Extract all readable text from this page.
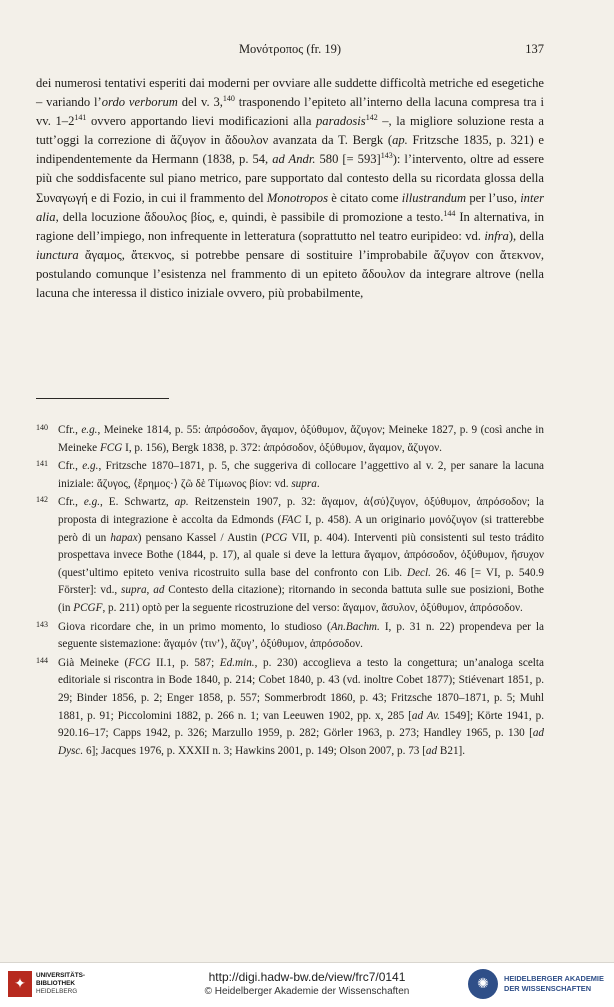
Μονότροπος (fr. 19)	137

dei numerosi tentativi esperiti dai moderni per ovviare alle suddette difficoltà metriche ed esegetiche – variando l’ordo verborum del v. 3,$^{140}$ trasponendo l’epiteto all’interno della lacuna compresa tra i vv. $1-2^{141}$ ovvero apportando lievi modificazioni alla paradosis$^{142}$ –, la migliore soluzione resta a tutt’oggi la correzione di ἄζυγον in ἄδουλον avanzata da T. Bergk (ap. Fritzsche 1835, p. 321) e indipendentemente da Hermann (1838, p. 54, ad Andr. 580 [= 593]$^{143}$): l’intervento, oltre ad essere più che soddisfacente sul piano metrico, pare supportato dal contesto della su ricordata glossa della Συναγωγή e di Fozio, in cui il frammento del Monotropos è citato come illustrandum per l’uso, inter alia, della locuzione ἄδουλος βίος, e, quindi, è passibile di promozione a testo.$^{144}$ In alternativa, in ragione dell’impiego, non infrequente in letteratura (soprattutto nel teatro euripideo: vd. infra), della iunctura ἄγαμος, ἄτεκνος, si potrebbe pensare di sostituire l’improbabile ἄζυγον con ἄτεκνον, postulando comunque l’esistenza nel frammento di un epiteto ἄδουλον da integrare altrove (nella lacuna che interessa il distico iniziale ovvero, più probabilmente,

140 Cfr., e.g., Meineke 1814, p. 55: ἀπρόσοδον, ἄγαμον, ὀξύθυμον, ἄζυγον; Meineke 1827, p. 9 (così anche in Meineke FCG I, p. 156), Bergk 1838, p. 372: ἀπρόσοδον, ὀξύθυμον, ἄγαμον, ἄζυγον.

141 Cfr., e.g., Fritzsche 1870–1871, p. 5, che suggeriva di collocare l’aggettivo al v. 2, per sanare la lacuna iniziale: ἄζυγος, ⟨ἔρημος·⟩ ζῶ δὲ Τίμωνος βίον: vd. supra.

142 Cfr., e.g., E. Schwartz, ap. Reitzenstein 1907, p. 32: ἄγαμον, ἀ⟨σύ⟩ζυγον, ὀξύθυμον, ἀπρόσοδον; la proposta di integrazione è accolta da Edmonds (FAC I, p. 458). A un originario μονόζυγον (si tratterebbe però di un hapax) pensano Kassel / Austin (PCG VII, p. 404). Interventi più consistenti sul testo trádito prospettava invece Bothe (1844, p. 17), al quale si deve la lettura ἄγαμον, ἀπρόσοδον, ὀξύθυμον, ἥσυχον (quest’ultimo epiteto veniva ricostruito sulla base del confronto con Lib. Decl. 26. 46 [= VI, p. 540.9 Förster]: vd., supra, ad Contesto della citazione); ritornando in seconda battuta sulle sue posizioni, Bothe (in PCGF, p. 211) optò per la seguente ricostruzione del verso: ἄγαμον, ἄσυλον, ὀξύθυμον, ἀπρόσοδον.

143 Giova ricordare che, in un primo momento, lo studioso (An.Bachm. I, p. 31 n. 22) propendeva per la seguente sistemazione: ἄγαμόν ⟨τιν’⟩, ἄζυγ’, ὀξύθυμον, ἀπρόσοδον.

144 Già Meineke (FCG II.1, p. 587; Ed.min., p. 230) accoglieva a testo la congettura; un’analoga scelta editoriale si riscontra in Bode 1840, p. 214; Cobet 1840, p. 43 (vd. inoltre Cobet 1877); Stiévenart 1851, p. 29; Binder 1856, p. 2; Enger 1858, p. 557; Sommerbrodt 1860, p. 43; Fritzsche 1870–1871, p. 5; Muhl 1881, p. 91; Piccolomini 1882, p. 266 n. 1; van Leeuwen 1902, pp. x, 285 [ad Av. 1549]; Körte 1941, p. 920.16–17; Capps 1942, p. 326; Marzullo 1959, p. 282; Görler 1963, p. 273; Handley 1965, p. 130 [ad Dysc. 6]; Jacques 1976, p. XXXII n. 3; Hawkins 2001, p. 149; Olson 2007, p. 73 [ad B21].

✦
UNIVERSITÄTS-
BIBLIOTHEK
HEIDELBERG
http://digi.hadw-bw.de/view/frc7/0141
© Heidelberger Akademie der Wissenschaften	✺	HEIDELBERGER AKADEMIE
DER WISSENSCHAFTEN
